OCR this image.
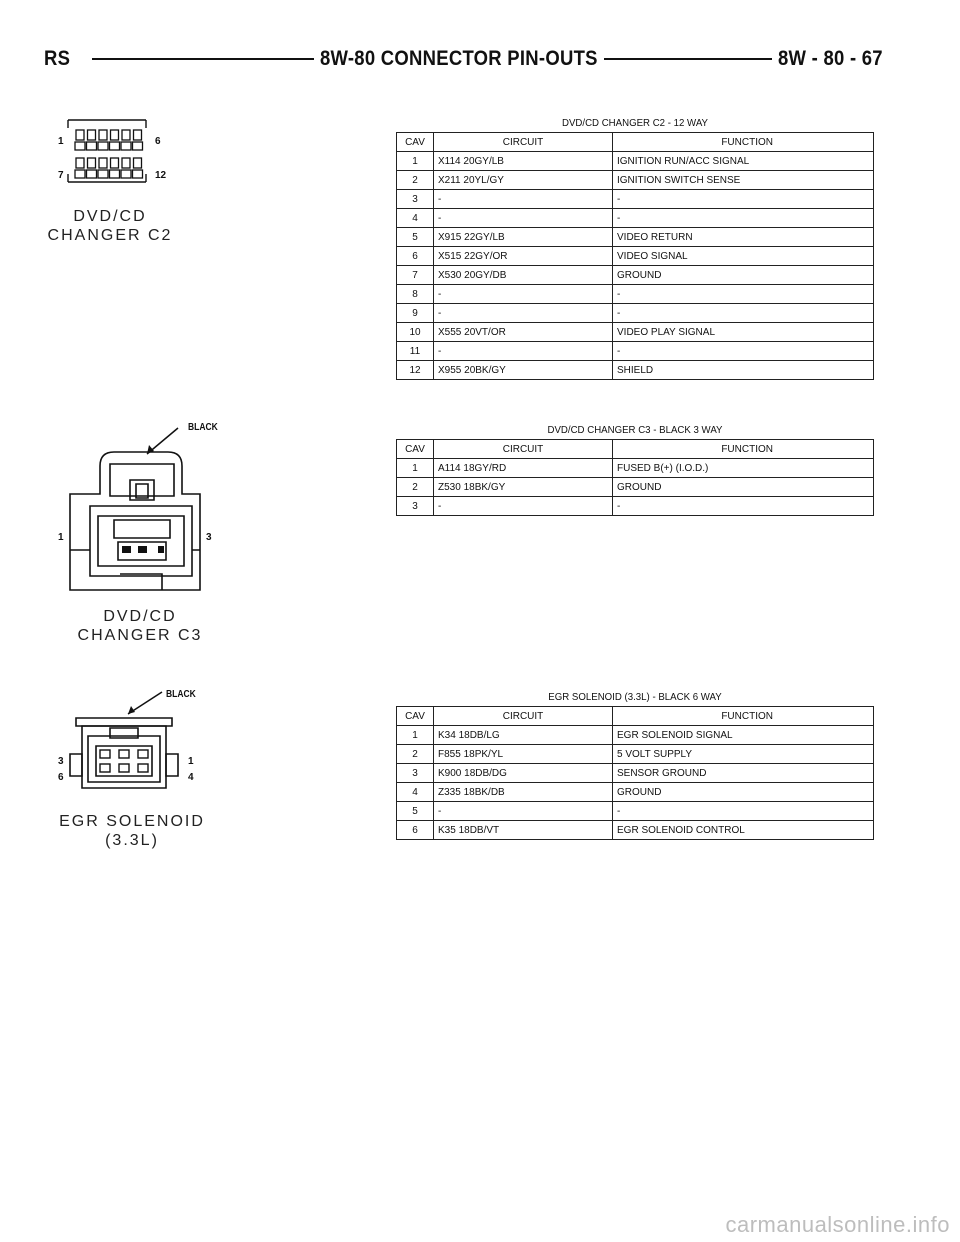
RS	8W-80 CONNECTOR PIN-OUTS	8W - 80 - 67
1	6
7	12
DVD/CD
CHANGER C2
DVD/CD CHANGER C2 - 12 WAY
CAV	CIRCUIT	FUNCTION
1	X114 20GY/LB	IGNITION RUN/ACC SIGNAL
2	X211 20YL/GY	IGNITION SWITCH SENSE
3	-	-
4	-	-
5	X915 22GY/LB	VIDEO RETURN
6	X515 22GY/OR	VIDEO SIGNAL
7	X530 20GY/DB	GROUND
8	-	-
9	-	-
10	X555 20VT/OR	VIDEO PLAY SIGNAL
11	-	-
12	X955 20BK/GY	SHIELD
BLACK
1	3
DVD/CD
CHANGER C3
DVD/CD CHANGER C3 - BLACK 3 WAY
CAV	CIRCUIT	FUNCTION
1	A114 18GY/RD	FUSED B(+) (I.O.D.)
2	Z530 18BK/GY	GROUND
3	-	-
BLACK
3	1
6	4
EGR SOLENOID
(3.3L)
EGR SOLENOID (3.3L) - BLACK 6 WAY
CAV	CIRCUIT	FUNCTION
1	K34 18DB/LG	EGR SOLENOID SIGNAL
2	F855 18PK/YL	5 VOLT SUPPLY
3	K900 18DB/DG	SENSOR GROUND
4	Z335 18BK/DB	GROUND
5	-	-
6	K35 18DB/VT	EGR SOLENOID CONTROL
carmanualsonline.info
